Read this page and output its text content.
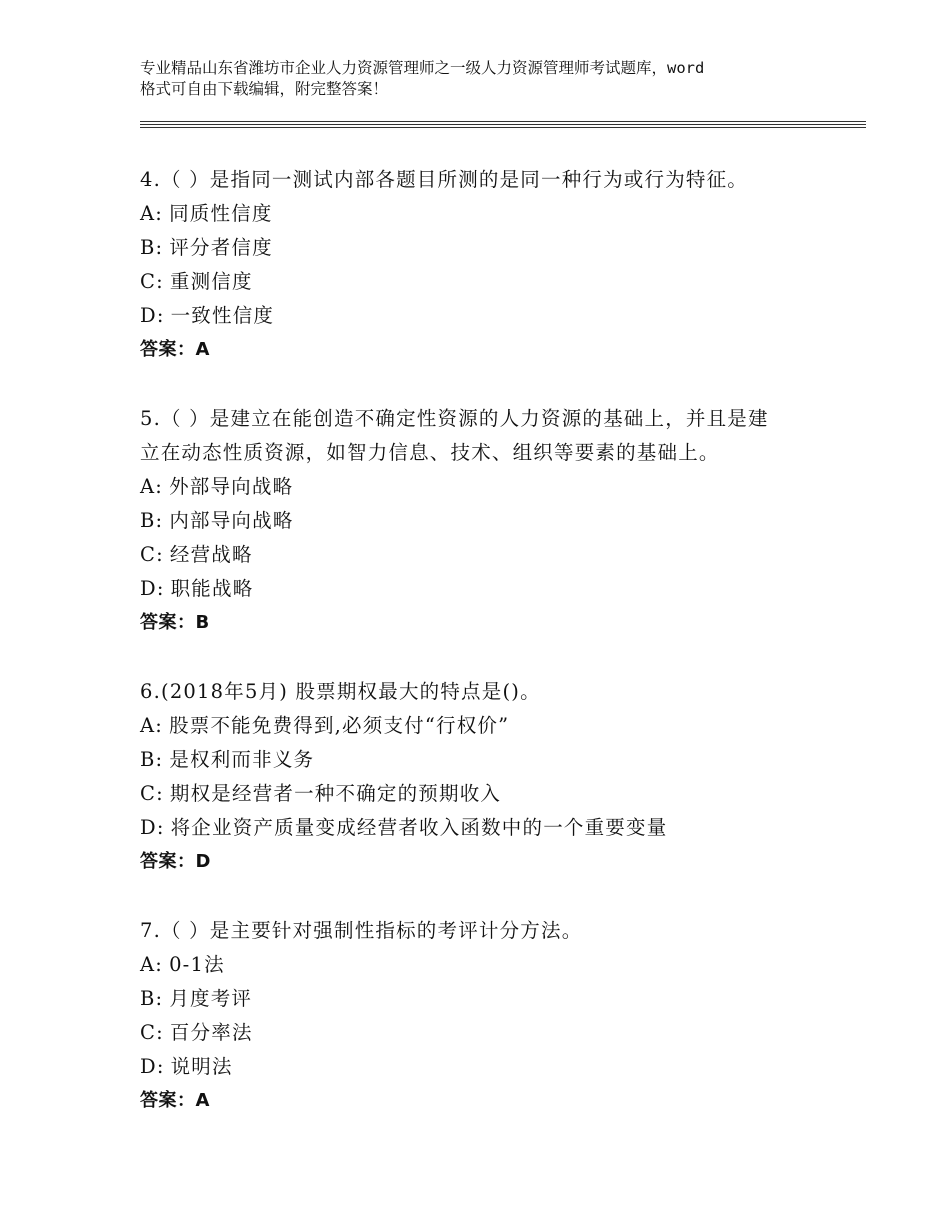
专业精品山东省潍坊市企业人力资源管理师之一级人力资源管理师考试题库，word
格式可自由下载编辑，附完整答案！
4.（ ）是指同一测试内部各题目所测的是同一种行为或行为特征。
A: 同质性信度
B: 评分者信度
C: 重测信度
D: 一致性信度
答案：A
5.（ ）是建立在能创造不确定性资源的人力资源的基础上，并且是建
立在动态性质资源，如智力信息、技术、组织等要素的基础上。
A: 外部导向战略
B: 内部导向战略
C: 经营战略
D: 职能战略
答案：B
6.(2018年5月) 股票期权最大的特点是()。
A: 股票不能免费得到,必须支付“行权价”
B: 是权利而非义务
C: 期权是经营者一种不确定的预期收入
D: 将企业资产质量变成经营者收入函数中的一个重要变量
答案：D
7.（ ）是主要针对强制性指标的考评计分方法。
A: 0-1法
B: 月度考评
C: 百分率法
D: 说明法
答案：A
